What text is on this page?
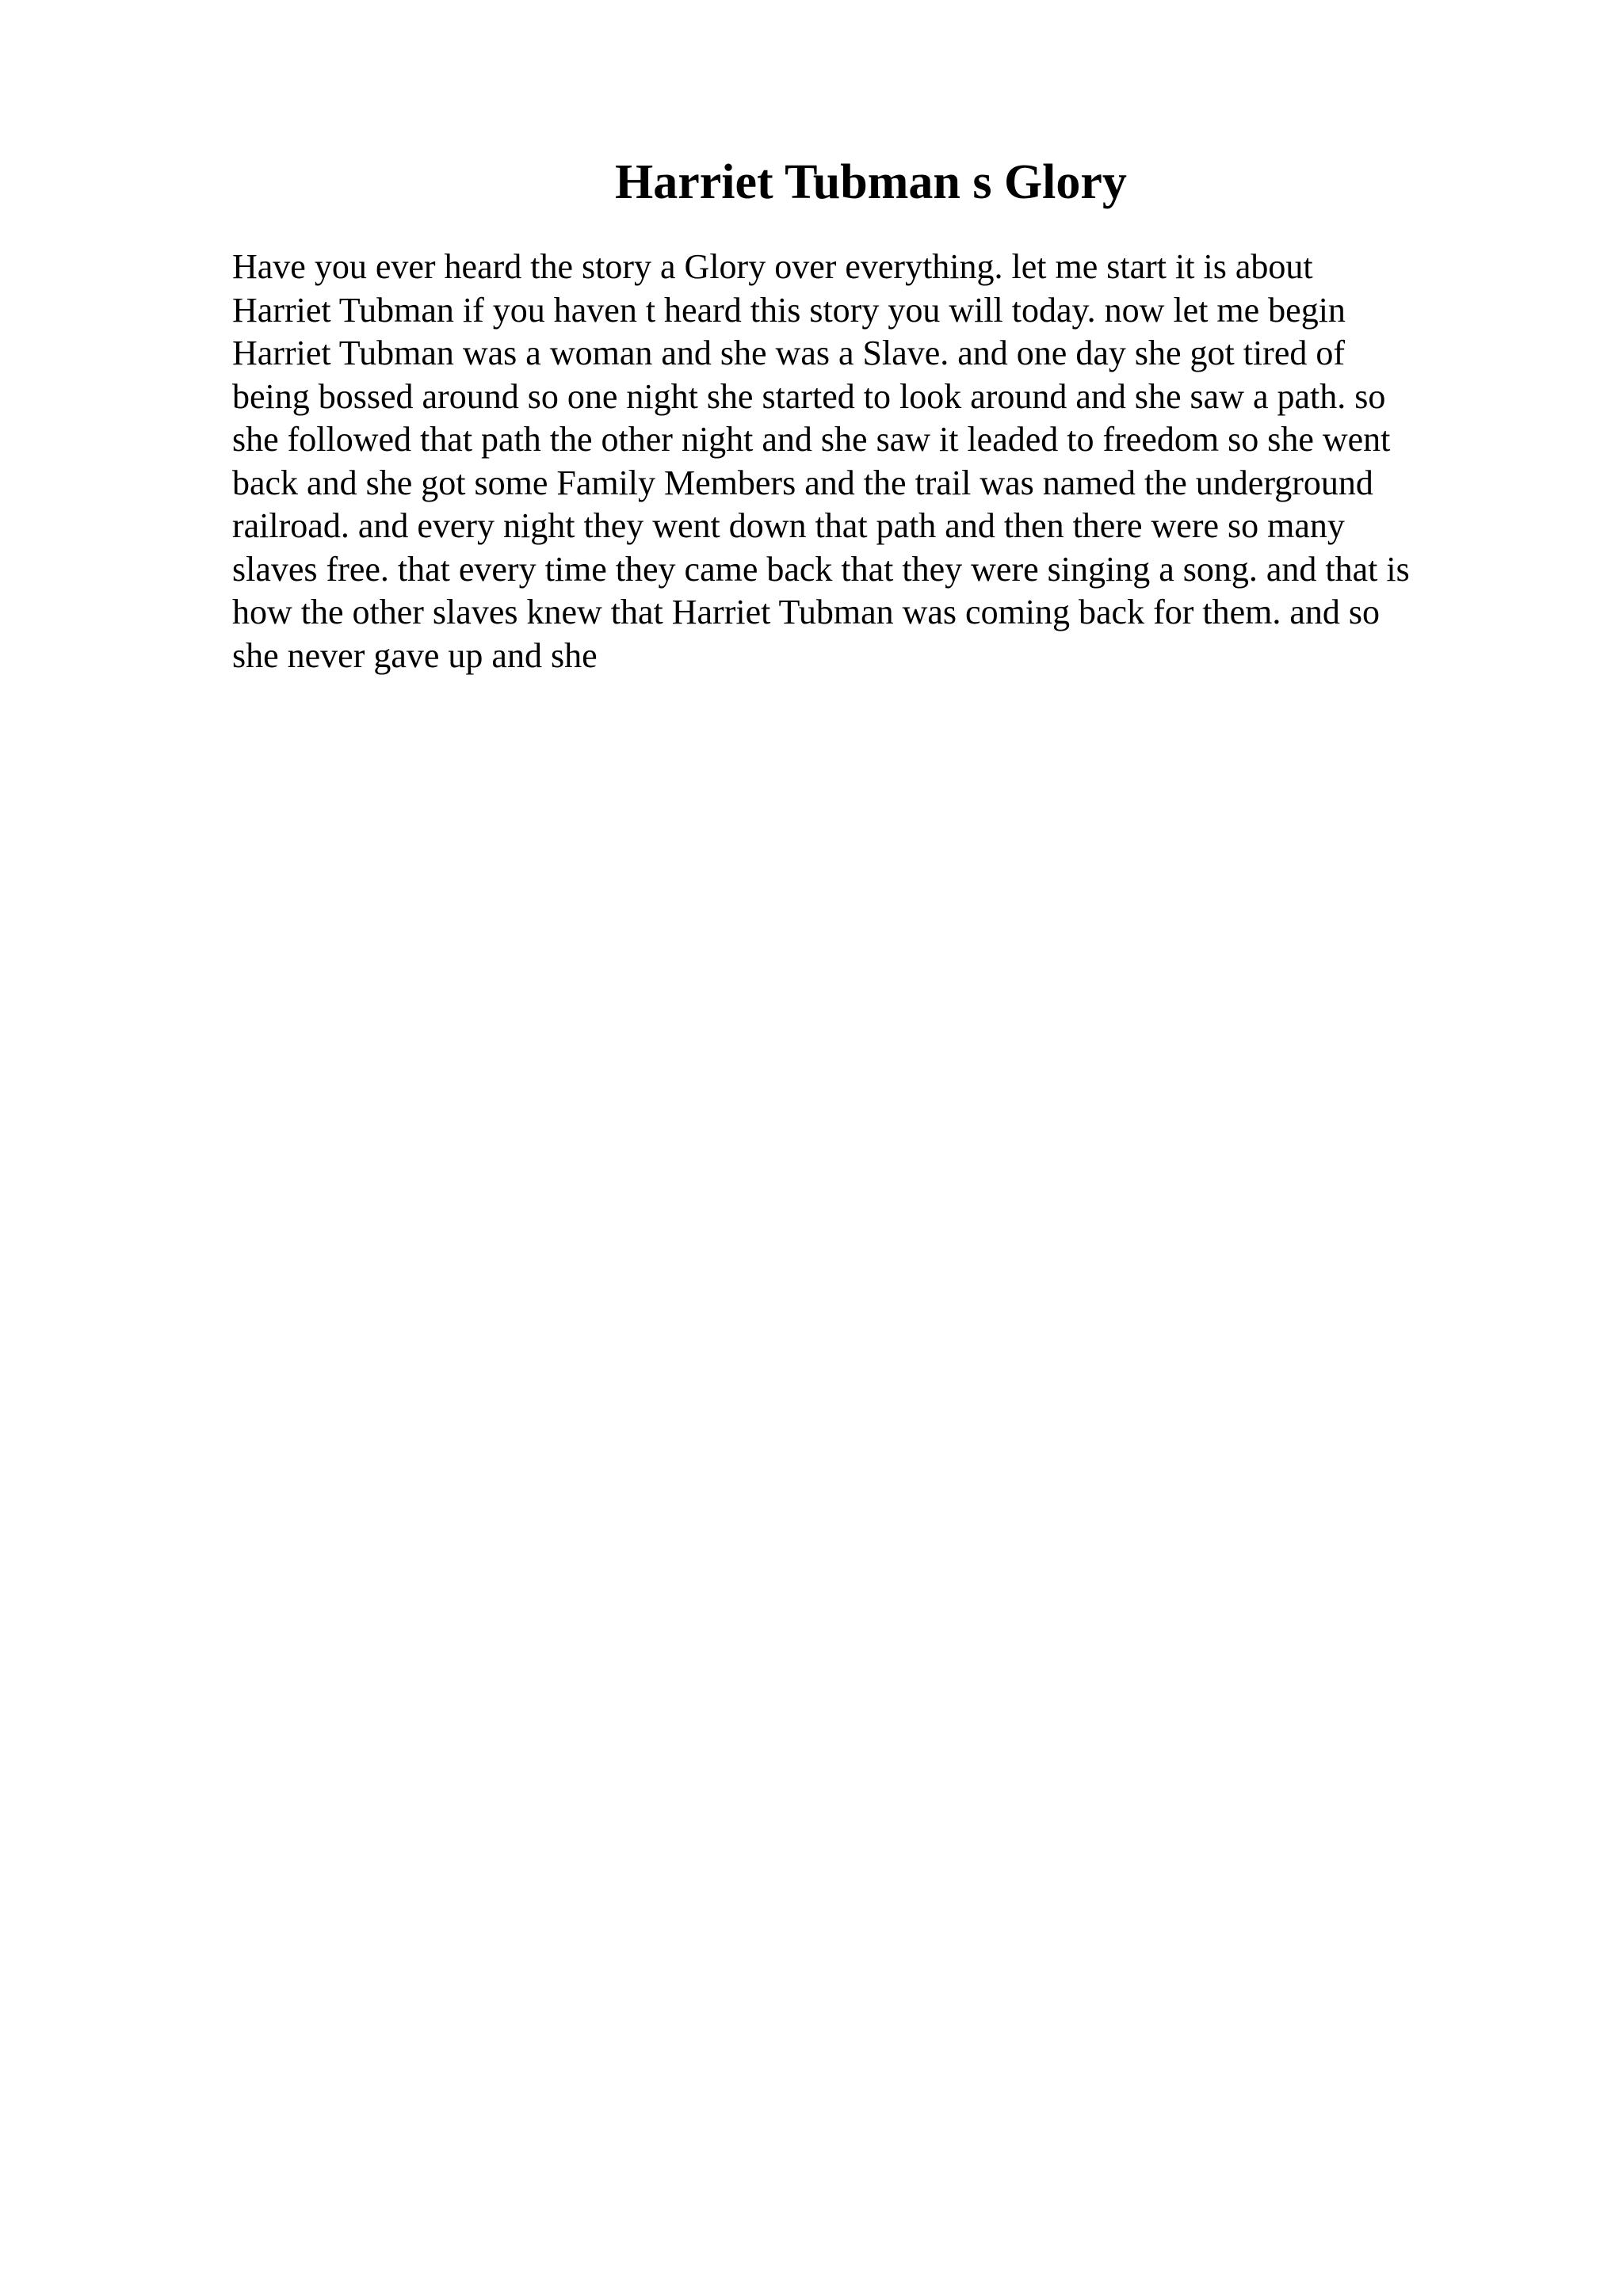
Harriet Tubman s Glory
Have you ever heard the story a Glory over everything. let me start it is about
Harriet Tubman if you haven t heard this story you will today. now let me begin
Harriet Tubman was a woman and she was a Slave. and one day she got tired of
being bossed around so one night she started to look around and she saw a path. so
she followed that path the other night and she saw it leaded to freedom so she went
back and she got some Family Members and the trail was named the underground
railroad. and every night they went down that path and then there were so many
slaves free. that every time they came back that they were singing a song. and that is
how the other slaves knew that Harriet Tubman was coming back for them. and so
she never gave up and she
